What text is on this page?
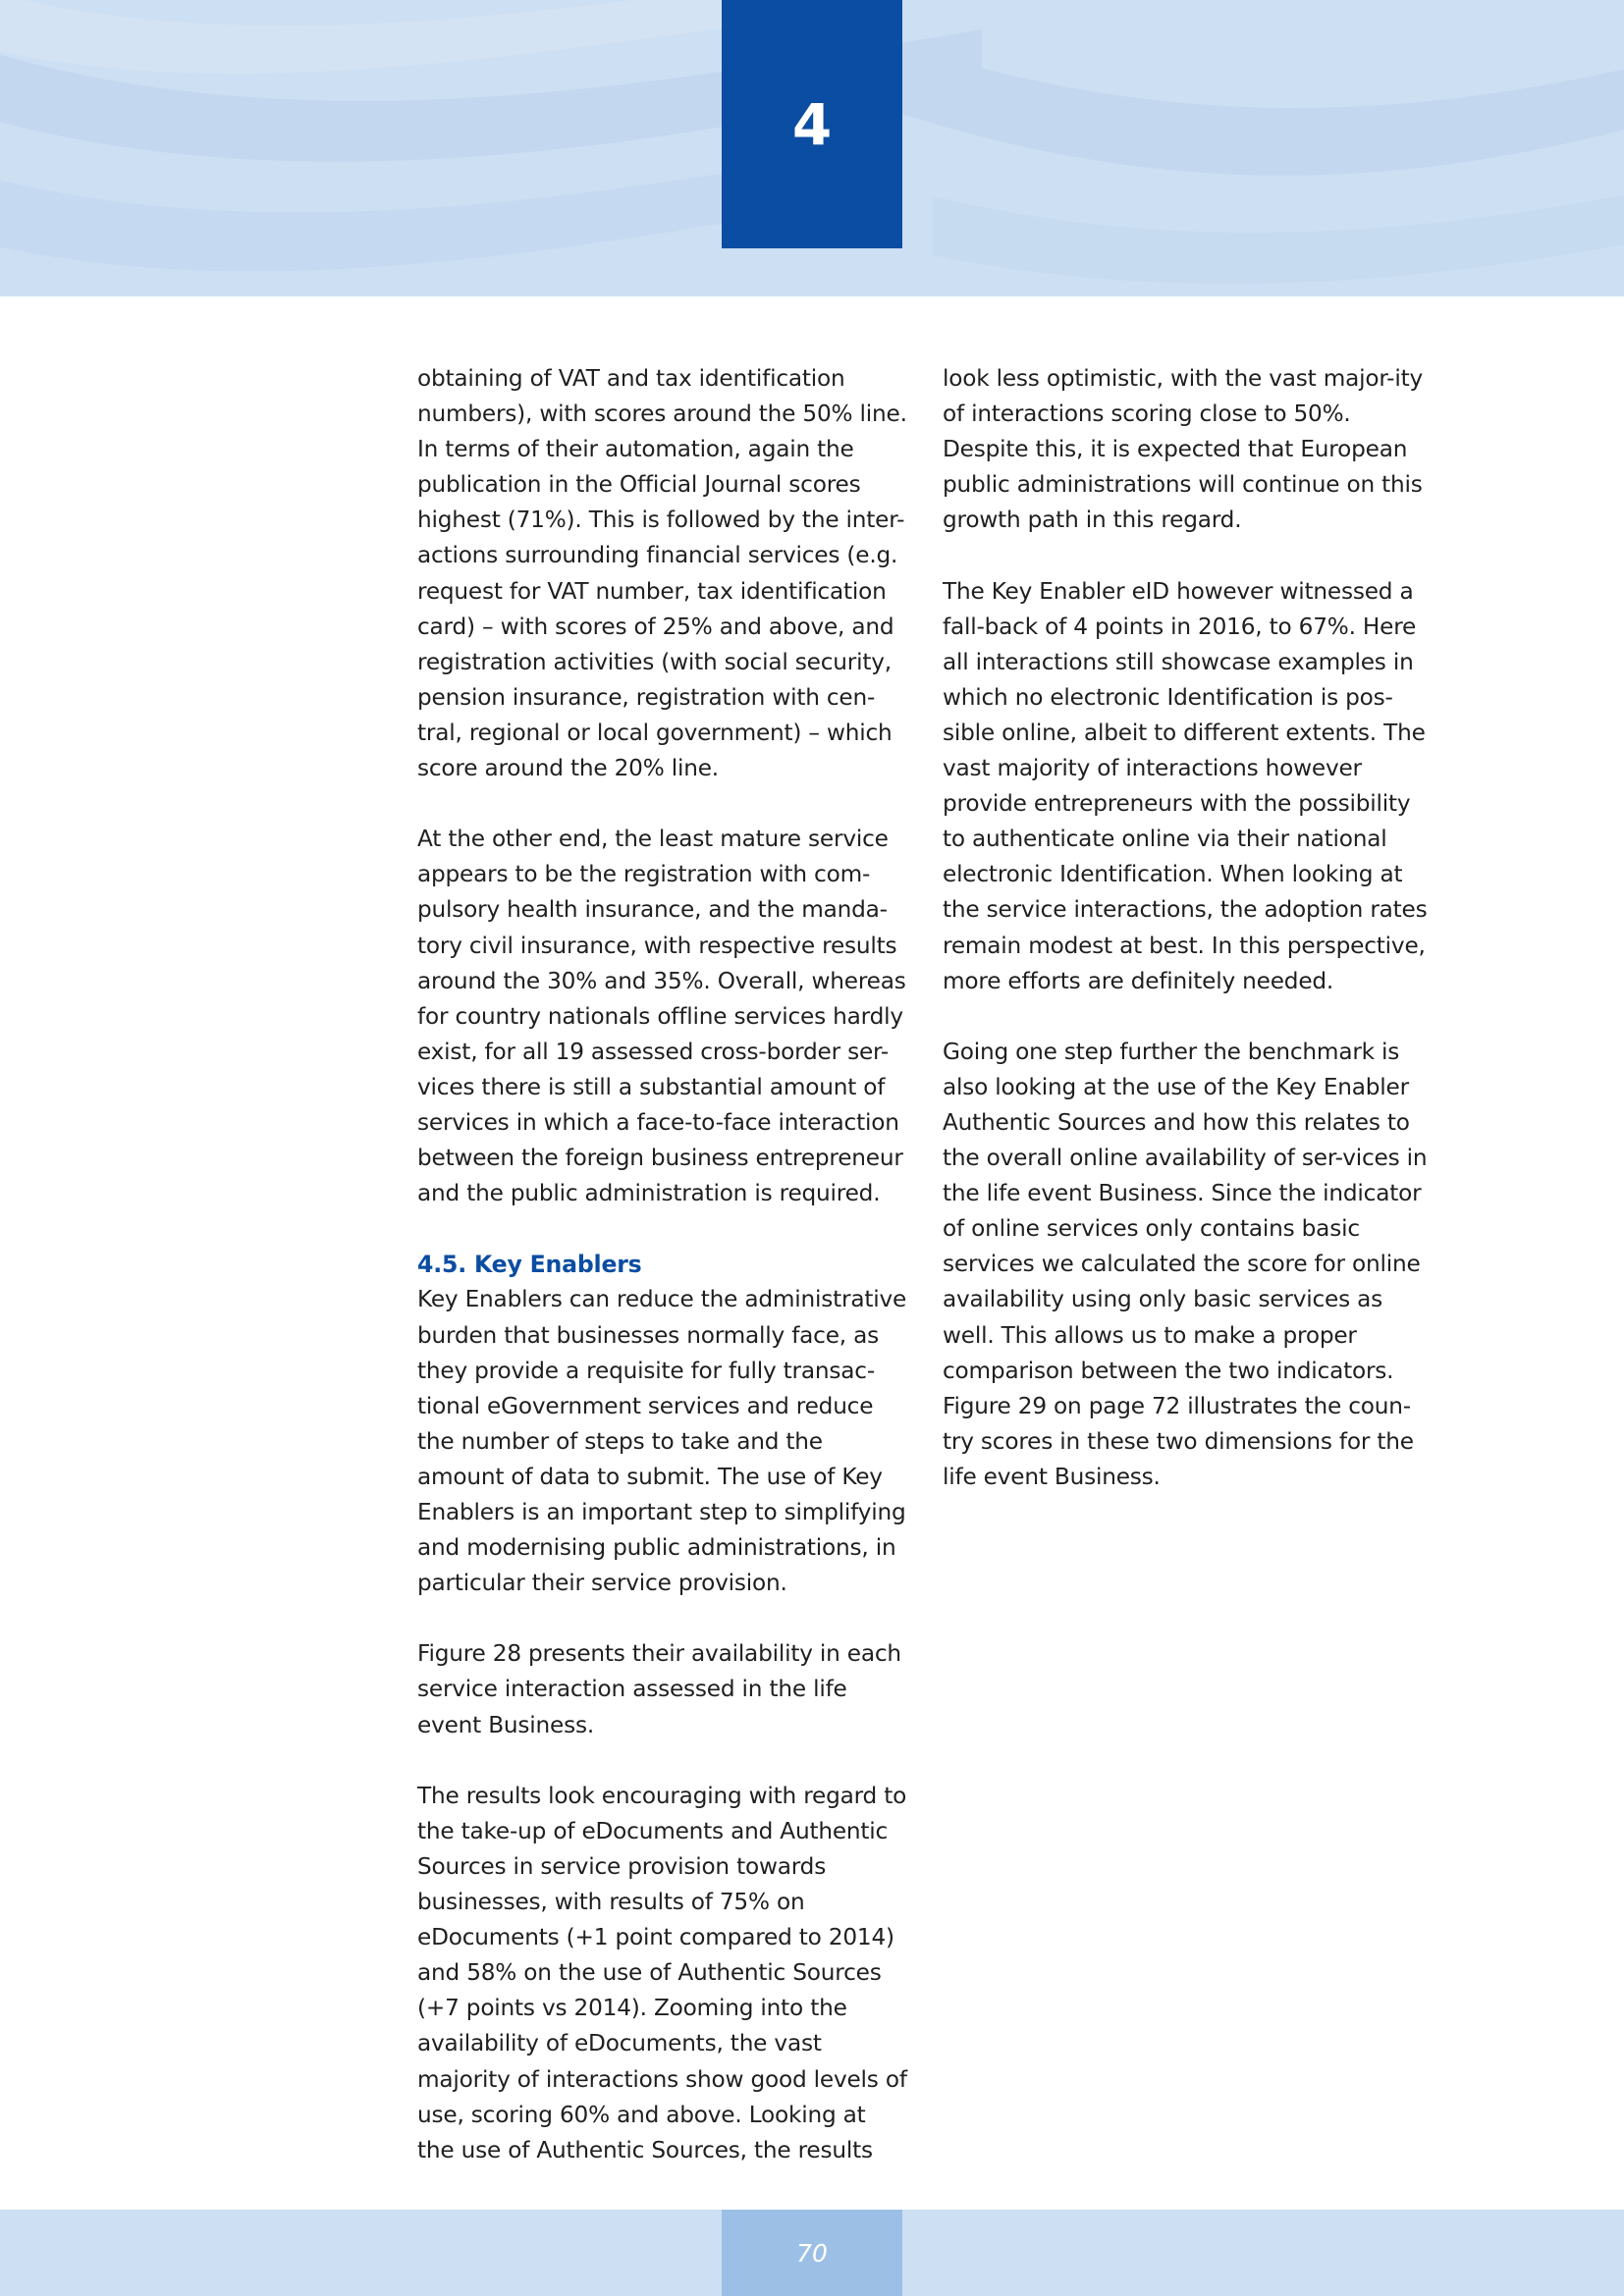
4

obtaining of VAT and tax identification numbers), with scores around the 50% line. In terms of their automation, again the publication in the Official Journal scores highest (71%). This is followed by the inter-actions surrounding financial services (e.g. request for VAT number, tax identification card) – with scores of 25% and above, and registration activities (with social security, pension insurance, registration with cen-tral, regional or local government) – which score around the 20% line.

At the other end, the least mature service appears to be the registration with com-pulsory health insurance, and the manda-tory civil insurance, with respective results around the 30% and 35%. Overall, whereas for country nationals offline services hardly exist, for all 19 assessed cross-border ser-vices there is still a substantial amount of services in which a face-to-face interaction between the foreign business entrepreneur and the public administration is required.

4.5. Key Enablers

Key Enablers can reduce the administrative burden that businesses normally face, as they provide a requisite for fully transac-tional eGovernment services and reduce the number of steps to take and the amount of data to submit. The use of Key Enablers is an important step to simplifying and modernising public administrations, in particular their service provision.

Figure 28 presents their availability in each service interaction assessed in the life event Business.

The results look encouraging with regard to the take-up of eDocuments and Authentic Sources in service provision towards businesses, with results of 75% on eDocuments (+1 point compared to 2014) and 58% on the use of Authentic Sources (+7 points vs 2014). Zooming into the availability of eDocuments, the vast majority of interactions show good levels of use, scoring 60% and above. Looking at the use of Authentic Sources, the results

look less optimistic, with the vast major-ity of interactions scoring close to 50%. Despite this, it is expected that European public administrations will continue on this growth path in this regard.

The Key Enabler eID however witnessed a fall-back of 4 points in 2016, to 67%. Here all interactions still showcase examples in which no electronic Identification is pos-sible online, albeit to different extents. The vast majority of interactions however provide entrepreneurs with the possibility to authenticate online via their national electronic Identification. When looking at the service interactions, the adoption rates remain modest at best. In this perspective, more efforts are definitely needed.

Going one step further the benchmark is also looking at the use of the Key Enabler Authentic Sources and how this relates to the overall online availability of ser-vices in the life event Business. Since the indicator of online services only contains basic services we calculated the score for online availability using only basic services as well. This allows us to make a proper comparison between the two indicators. Figure 29 on page 72 illustrates the coun-try scores in these two dimensions for the life event Business.

70
